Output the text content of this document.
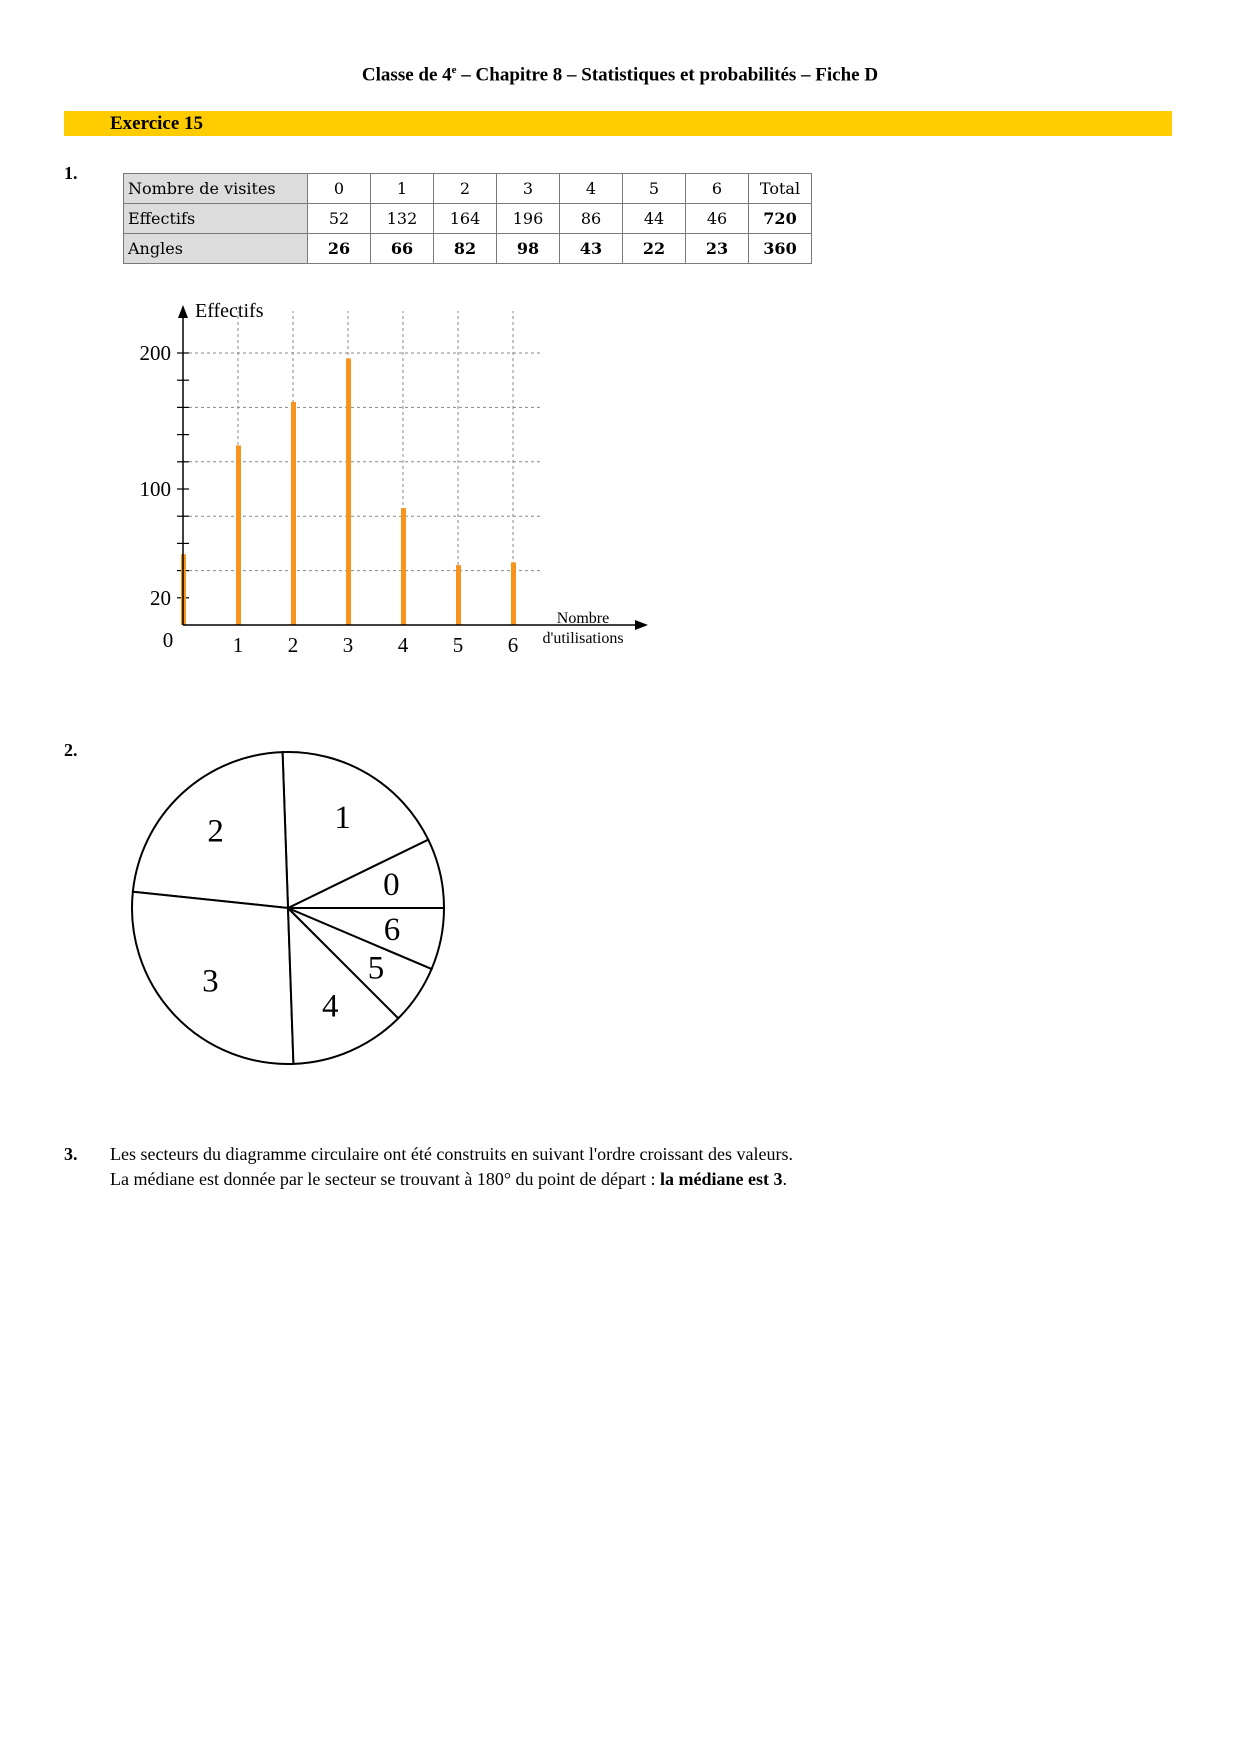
Classe de 4e – Chapitre 8 – Statistiques et probabilités – Fiche D
Exercice 15
1.
Nombre de visites	0	1	2	3	4	5	6	Total
Effectifs	52	132	164	196	86	44	46	720
Angles	26	66	82	98	43	22	23	360
200
100
20
0	1 2 3 4 5 6
Effectifs
Nombre
d'utilisations
2.
0
1
2
3
4
5
6
3. Les secteurs du diagramme circulaire ont été construits en suivant l'ordre croissant des valeurs.
La médiane est donnée par le secteur se trouvant à 180° du point de départ : la médiane est 3.
